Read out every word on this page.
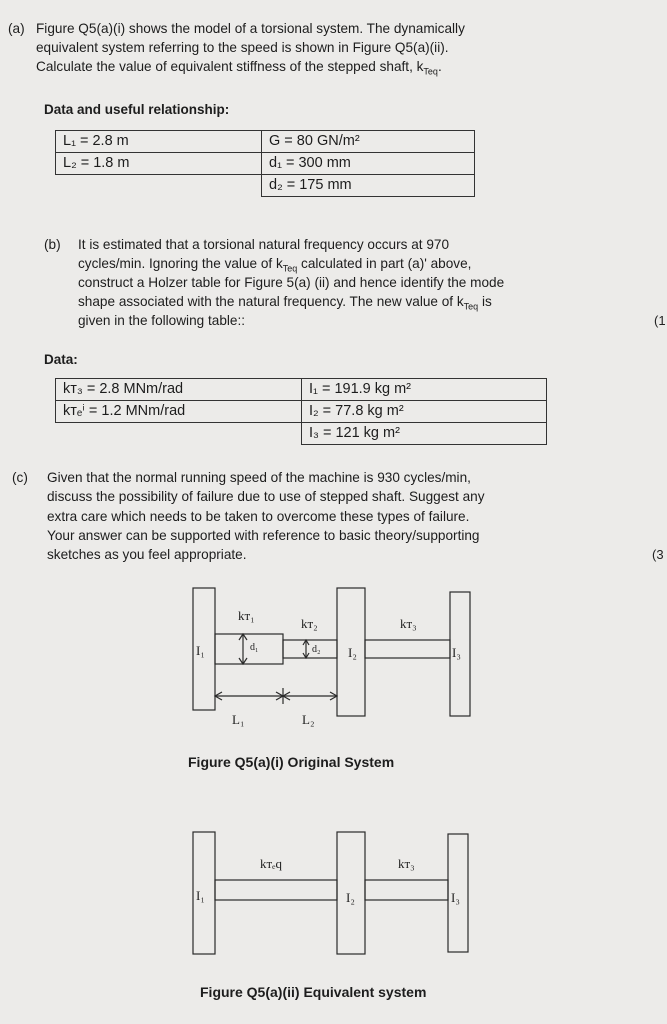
(a) Figure Q5(a)(i) shows the model of a torsional system. The dynamically
equivalent system referring to the speed is shown in Figure Q5(a)(ii).
Calculate the value of equivalent stiffness of the stepped shaft, $k_{Teq}$.
Data and useful relationship:
L₁ = 2.8 m	G = 80 GN/m²
L₂ = 1.8 m	d₁ = 300 mm
	d₂ = 175 mm
(b) It is estimated that a torsional natural frequency occurs at 970
cycles/min. Ignoring the value of $k_{Teq}$ calculated in part (a)' above,
construct a Holzer table for Figure 5(a) (ii) and hence identify the mode
shape associated with the natural frequency. The new value of $k_{Teq}$ is
given in the following table::	(1
Data:
kᴛ₃ = 2.8 MNm/rad	I₁ = 191.9 kg m²
kᴛₑⁱ = 1.2 MNm/rad	I₂ = 77.8 kg m²
	I₃ = 121 kg m²
(c) Given that the normal running speed of the machine is 930 cycles/min,
discuss the possibility of failure due to use of stepped shaft. Suggest any
extra care which needs to be taken to overcome these types of failure.
Your answer can be supported with reference to basic theory/supporting
sketches as you feel appropriate.	(3
kᴛ₁
kᴛ₂	kᴛ₃
I₁	I₂	I₃
d₁	d₂
L₁	L₂
Figure Q5(a)(i) Original System
kᴛₑq	kᴛ₃
I₁	I₂	I₃
Figure Q5(a)(ii) Equivalent system
